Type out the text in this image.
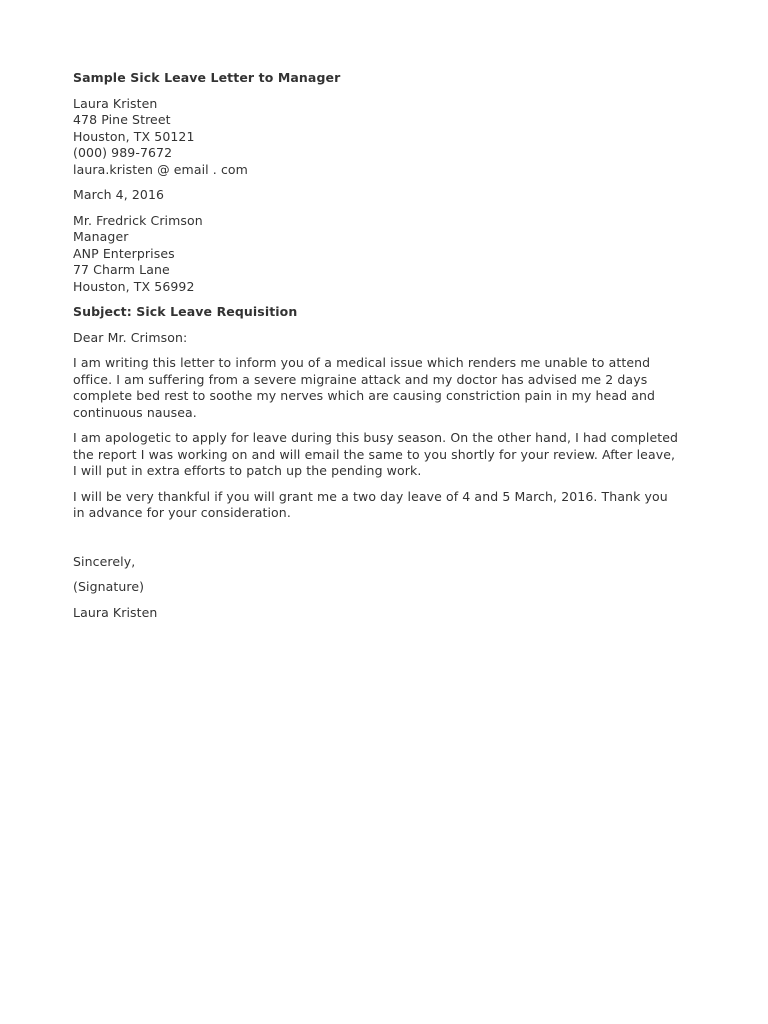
Sample Sick Leave Letter to Manager
Laura Kristen
478 Pine Street
Houston, TX 50121
(000) 989-7672
laura.kristen @ email . com
March 4, 2016
Mr. Fredrick Crimson
Manager
ANP Enterprises
77 Charm Lane
Houston, TX 56992
Subject: Sick Leave Requisition
Dear Mr. Crimson:
I am writing this letter to inform you of a medical issue which renders me unable to attend
office. I am suffering from a severe migraine attack and my doctor has advised me 2 days
complete bed rest to soothe my nerves which are causing constriction pain in my head and
continuous nausea.
I am apologetic to apply for leave during this busy season. On the other hand, I had completed
the report I was working on and will email the same to you shortly for your review. After leave,
I will put in extra efforts to patch up the pending work.
I will be very thankful if you will grant me a two day leave of 4 and 5 March, 2016. Thank you
in advance for your consideration.
Sincerely,
(Signature)
Laura Kristen
